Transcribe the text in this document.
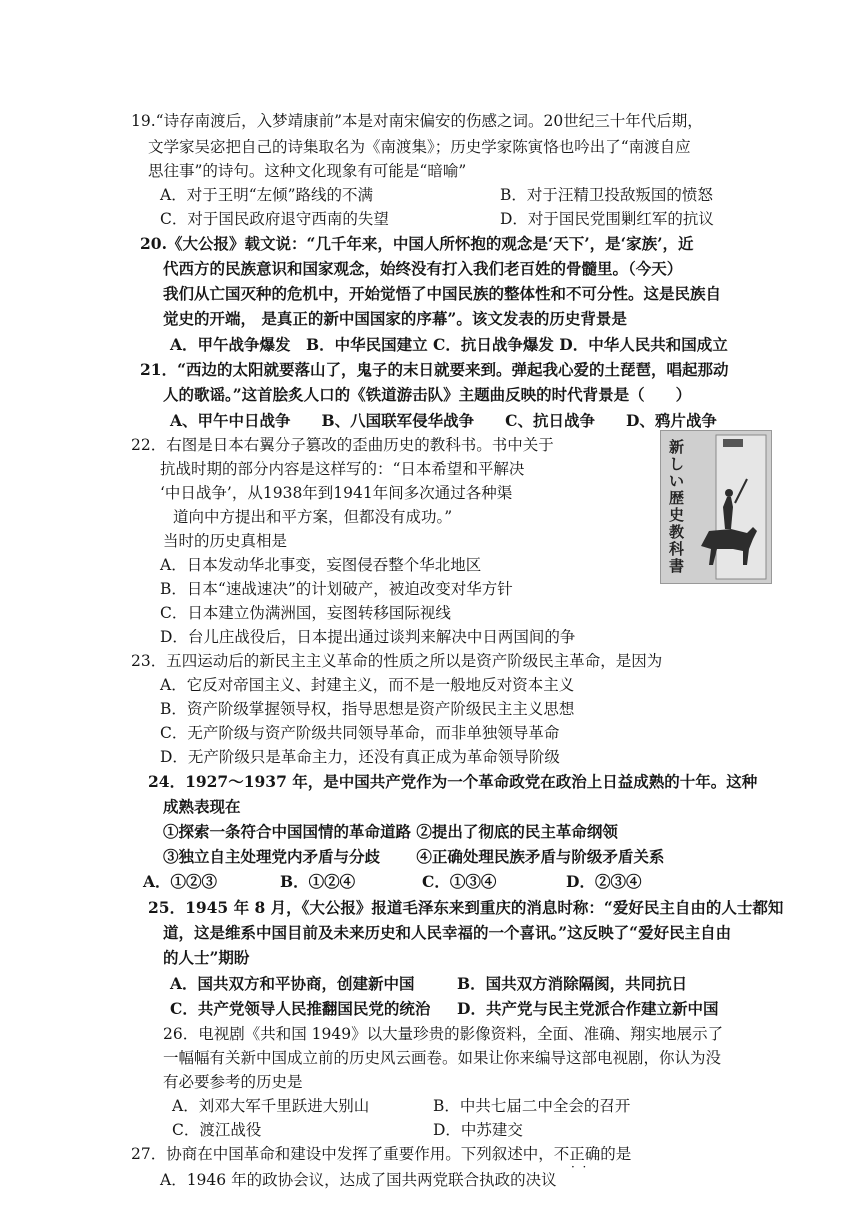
19.“诗存南渡后，入梦靖康前”本是对南宋偏安的伤感之词。20世纪三十年代后期，
文学家吴宓把自己的诗集取名为《南渡集》；历史学家陈寅恪也吟出了“南渡自应
思往事”的诗句。这种文化现象有可能是“暗喻”
A．对于王明“左倾”路线的不满	B．对于汪精卫投敌叛国的愤怒
C．对于国民政府退守西南的失望	D．对于国民党围剿红军的抗议
20.《大公报》载文说：“几千年来，中国人所怀抱的观念是‘天下’，是‘家族’，近
代西方的民族意识和国家观念，始终没有打入我们老百姓的骨髓里。（今天）
我们从亡国灭种的危机中，开始觉悟了中国民族的整体性和不可分性。这是民族自
觉史的开端， 是真正的新中国国家的序幕”。该文发表的历史背景是
A．甲午战争爆发　B．中华民国建立 C．抗日战争爆发 D．中华人民共和国成立
21．“西边的太阳就要落山了，鬼子的末日就要来到。弹起我心爱的土琵琶，唱起那动
人的歌谣。”这首脍炙人口的《铁道游击队》主题曲反映的时代背景是（　　）
A、甲午中日战争　　B、八国联军侵华战争　　C、抗日战争　　D、鸦片战争
22．右图是日本右翼分子篡改的歪曲历史的教科书。书中关于
抗战时期的部分内容是这样写的：“日本希望和平解决
‘中日战争’，从1938年到1941年间多次通过各种渠
道向中方提出和平方案，但都没有成功。”
当时的历史真相是
A．日本发动华北事变，妄图侵吞整个华北地区
B．日本“速战速决”的计划破产，被迫改变对华方针
C．日本建立伪满洲国，妄图转移国际视线
D．台儿庄战役后，日本提出通过谈判来解决中日两国间的争
新しい歴史教科書
23．五四运动后的新民主主义革命的性质之所以是资产阶级民主革命，是因为
A．它反对帝国主义、封建主义，而不是一般地反对资本主义
B．资产阶级掌握领导权，指导思想是资产阶级民主主义思想
C．无产阶级与资产阶级共同领导革命，而非单独领导革命
D．无产阶级只是革命主力，还没有真正成为革命领导阶级
24．1927～1937 年，是中国共产党作为一个革命政党在政治上日益成熟的十年。这种
成熟表现在
①探索一条符合中国国情的革命道路 ②提出了彻底的民主革命纲领
③独立自主处理党内矛盾与分歧　　 ④正确处理民族矛盾与阶级矛盾关系
A．①②③	B．①②④	C．①③④	D．②③④
25．1945 年 8 月，《大公报》报道毛泽东来到重庆的消息时称：“爱好民主自由的人士都知
道，这是维系中国目前及未来历史和人民幸福的一个喜讯。”这反映了“爱好民主自由
的人士”期盼
A．国共双方和平协商，创建新中国	B．国共双方消除隔阂，共同抗日
C．共产党领导人民推翻国民党的统治 D．共产党与民主党派合作建立新中国
26．电视剧《共和国 1949》以大量珍贵的影像资料，全面、准确、翔实地展示了
一幅幅有关新中国成立前的历史风云画卷。如果让你来编导这部电视剧，你认为没
有必要参考的历史是
A．刘邓大军千里跃进大别山	B．中共七届二中全会的召开
C．渡江战役	D．中苏建交
27．协商在中国革命和建设中发挥了重要作用。下列叙述中，不正确的是
·  ·
A．1946 年的政协会议，达成了国共两党联合执政的决议
